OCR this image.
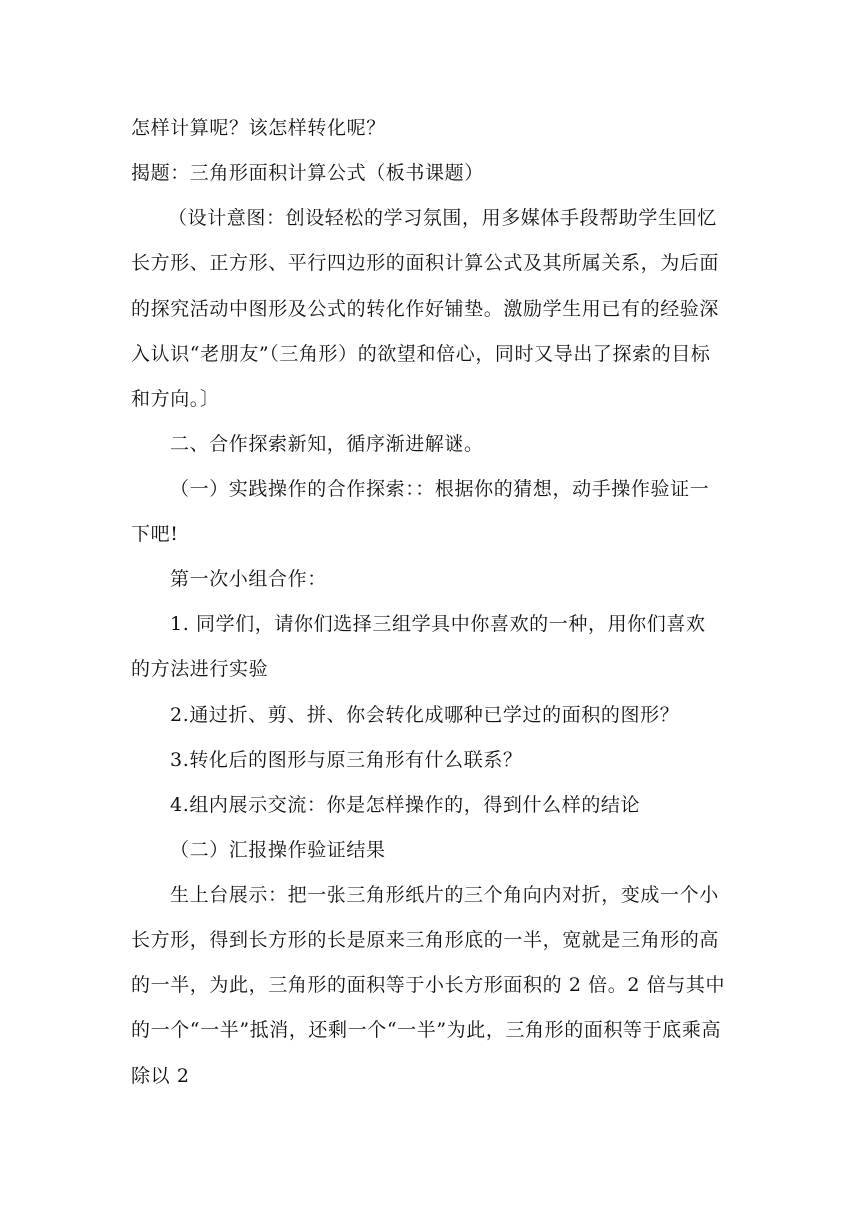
怎样计算呢？该怎样转化呢？
揭题：三角形面积计算公式（板书课题）
（设计意图：创设轻松的学习氛围，用多媒体手段帮助学生回忆
长方形、正方形、平行四边形的面积计算公式及其所属关系，为后面
的探究活动中图形及公式的转化作好铺垫。激励学生用已有的经验深
入认识“老朋友”（三角形）的欲望和倍心，同时又导出了探索的目标
和方向。〕
二、合作探索新知，循序渐进解谜。
（一）实践操作的合作探索：：根据你的猜想，动手操作验证一
下吧!
第一次小组合作：
1. 同学们，请你们选择三组学具中你喜欢的一种，用你们喜欢
的方法进行实验
2.通过折、剪、拼、你会转化成哪种已学过的面积的图形？
3.转化后的图形与原三角形有什么联系？
4.组内展示交流：你是怎样操作的，得到什么样的结论
（二）汇报操作验证结果
生上台展示：把一张三角形纸片的三个角向内对折，变成一个小
长方形，得到长方形的长是原来三角形底的一半，宽就是三角形的高
的一半，为此，三角形的面积等于小长方形面积的 2 倍。2 倍与其中
的一个“一半”抵消，还剩一个“一半”为此，三角形的面积等于底乘高
除以 2
